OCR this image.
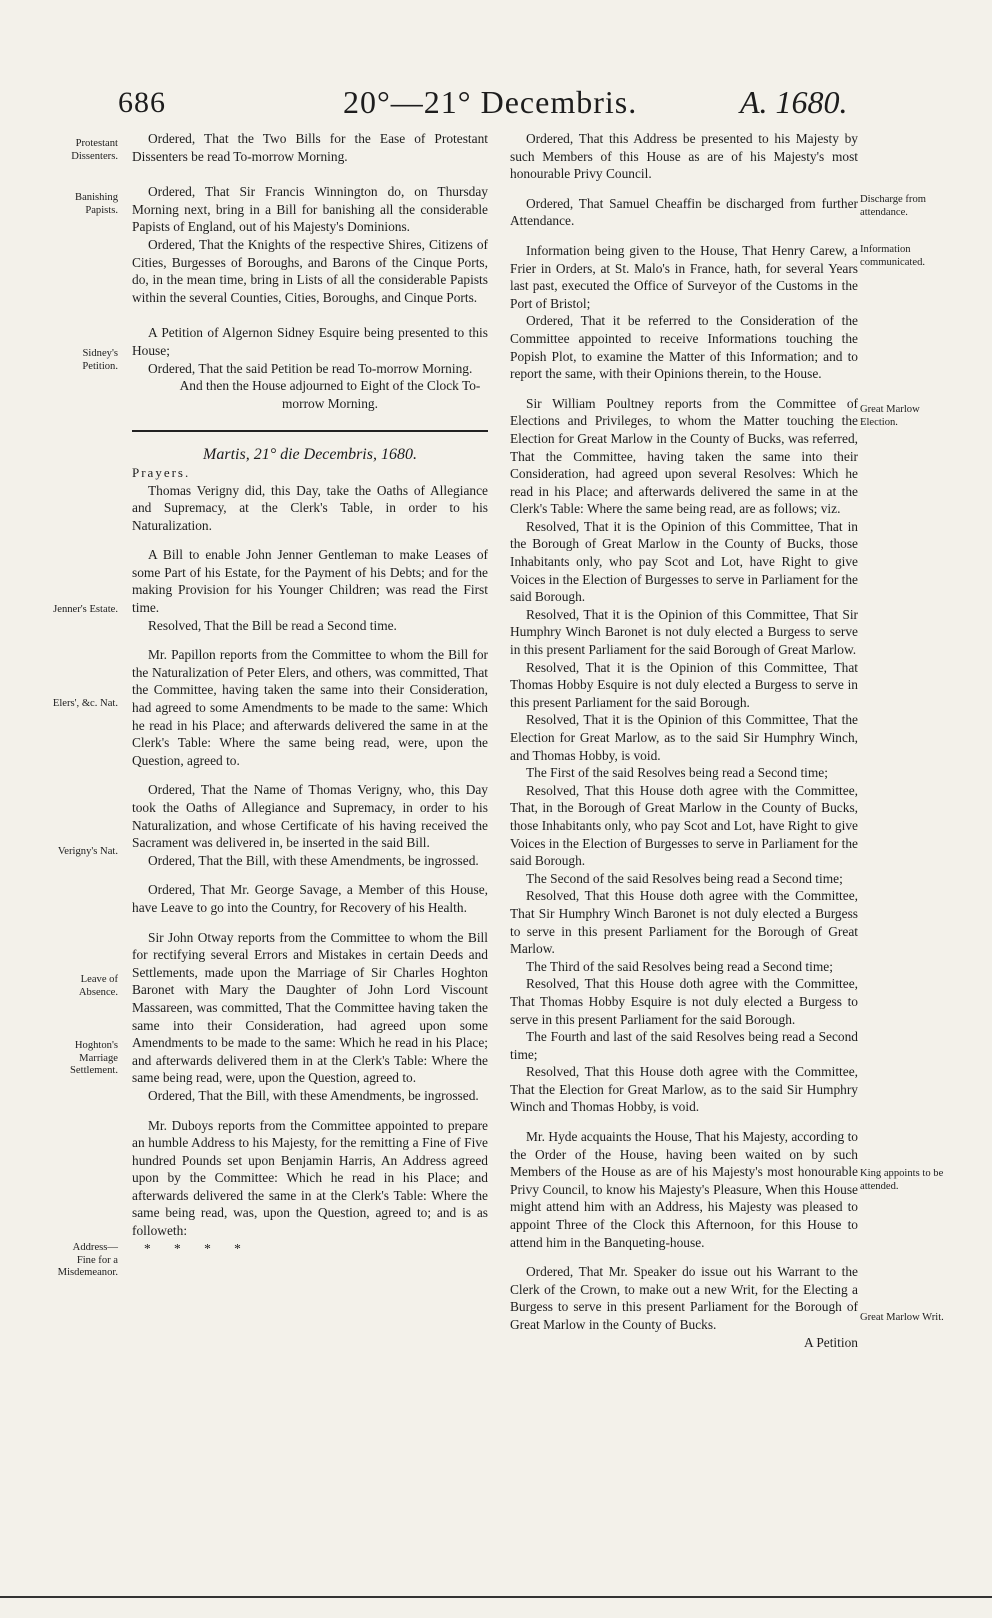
686	20°—21° Decembris.	A. 1680.
Protestant Dissenters.
Banishing Papists.
Sidney's Petition.
Jenner's Estate.
Elers', &c. Nat.
Verigny's Nat.
Leave of Absence.
Hoghton's Marriage Settlement.
Address— Fine for a Misdemeanor.
Discharge from attendance.
Information communicated.
Great Marlow Election.
King appoints to be attended.
Great Marlow Writ.

Ordered, That the Two Bills for the Ease of Protestant Dissenters be read To-morrow Morning.

Ordered, That Sir Francis Winnington do, on Thursday Morning next, bring in a Bill for banishing all the considerable Papists of England, out of his Majesty's Dominions.

Ordered, That the Knights of the respective Shires, Citizens of Cities, Burgesses of Boroughs, and Barons of the Cinque Ports, do, in the mean time, bring in Lists of all the considerable Papists within the several Counties, Cities, Boroughs, and Cinque Ports.

A Petition of Algernon Sidney Esquire being presented to this House;

Ordered, That the said Petition be read To-morrow Morning.

And then the House adjourned to Eight of the Clock To-morrow Morning.

Martis, 21° die Decembris, 1680.

Prayers.

Thomas Verigny did, this Day, take the Oaths of Allegiance and Supremacy, at the Clerk's Table, in order to his Naturalization.

A Bill to enable John Jenner Gentleman to make Leases of some Part of his Estate, for the Payment of his Debts; and for the making Provision for his Younger Children; was read the First time.

Resolved, That the Bill be read a Second time.

Mr. Papillon reports from the Committee to whom the Bill for the Naturalization of Peter Elers, and others, was committed, That the Committee, having taken the same into their Consideration, had agreed to some Amendments to be made to the same: Which he read in his Place; and afterwards delivered the same in at the Clerk's Table: Where the same being read, were, upon the Question, agreed to.

Ordered, That the Name of Thomas Verigny, who, this Day took the Oaths of Allegiance and Supremacy, in order to his Naturalization, and whose Certificate of his having received the Sacrament was delivered in, be inserted in the said Bill.

Ordered, That the Bill, with these Amendments, be ingrossed.

Ordered, That Mr. George Savage, a Member of this House, have Leave to go into the Country, for Recovery of his Health.

Sir John Otway reports from the Committee to whom the Bill for rectifying several Errors and Mistakes in certain Deeds and Settlements, made upon the Marriage of Sir Charles Hoghton Baronet with Mary the Daughter of John Lord Viscount Massareen, was committed, That the Committee having taken the same into their Consideration, had agreed upon some Amendments to be made to the same: Which he read in his Place; and afterwards delivered them in at the Clerk's Table: Where the same being read, were, upon the Question, agreed to.

Ordered, That the Bill, with these Amendments, be ingrossed.

Mr. Duboys reports from the Committee appointed to prepare an humble Address to his Majesty, for the remitting a Fine of Five hundred Pounds set upon Benjamin Harris, An Address agreed upon by the Committee: Which he read in his Place; and afterwards delivered the same in at the Clerk's Table: Where the same being read, was, upon the Question, agreed to; and is as followeth:

* * * *

Ordered, That this Address be presented to his Majesty by such Members of this House as are of his Majesty's most honourable Privy Council.

Ordered, That Samuel Cheaffin be discharged from further Attendance.

Information being given to the House, That Henry Carew, a Frier in Orders, at St. Malo's in France, hath, for several Years last past, executed the Office of Surveyor of the Customs in the Port of Bristol;

Ordered, That it be referred to the Consideration of the Committee appointed to receive Informations touching the Popish Plot, to examine the Matter of this Information; and to report the same, with their Opinions therein, to the House.

Sir William Poultney reports from the Committee of Elections and Privileges, to whom the Matter touching the Election for Great Marlow in the County of Bucks, was referred, That the Committee, having taken the same into their Consideration, had agreed upon several Resolves: Which he read in his Place; and afterwards delivered the same in at the Clerk's Table: Where the same being read, are as follows; viz.

Resolved, That it is the Opinion of this Committee, That in the Borough of Great Marlow in the County of Bucks, those Inhabitants only, who pay Scot and Lot, have Right to give Voices in the Election of Burgesses to serve in Parliament for the said Borough.

Resolved, That it is the Opinion of this Committee, That Sir Humphry Winch Baronet is not duly elected a Burgess to serve in this present Parliament for the said Borough of Great Marlow.

Resolved, That it is the Opinion of this Committee, That Thomas Hobby Esquire is not duly elected a Burgess to serve in this present Parliament for the said Borough.

Resolved, That it is the Opinion of this Committee, That the Election for Great Marlow, as to the said Sir Humphry Winch, and Thomas Hobby, is void.

The First of the said Resolves being read a Second time;

Resolved, That this House doth agree with the Committee, That, in the Borough of Great Marlow in the County of Bucks, those Inhabitants only, who pay Scot and Lot, have Right to give Voices in the Election of Burgesses to serve in Parliament for the said Borough.

The Second of the said Resolves being read a Second time;

Resolved, That this House doth agree with the Committee, That Sir Humphry Winch Baronet is not duly elected a Burgess to serve in this present Parliament for the Borough of Great Marlow.

The Third of the said Resolves being read a Second time;

Resolved, That this House doth agree with the Committee, That Thomas Hobby Esquire is not duly elected a Burgess to serve in this present Parliament for the said Borough.

The Fourth and last of the said Resolves being read a Second time;

Resolved, That this House doth agree with the Committee, That the Election for Great Marlow, as to the said Sir Humphry Winch and Thomas Hobby, is void.

Mr. Hyde acquaints the House, That his Majesty, according to the Order of the House, having been waited on by such Members of the House as are of his Majesty's most honourable Privy Council, to know his Majesty's Pleasure, When this House might attend him with an Address, his Majesty was pleased to appoint Three of the Clock this Afternoon, for this House to attend him in the Banqueting-house.

Ordered, That Mr. Speaker do issue out his Warrant to the Clerk of the Crown, to make out a new Writ, for the Electing a Burgess to serve in this present Parliament for the Borough of Great Marlow in the County of Bucks.

A Petition
